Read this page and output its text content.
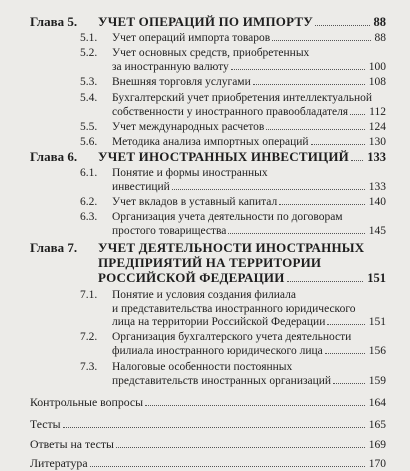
Глава 5. УЧЕТ ОПЕРАЦИЙ ПО ИМПОРТУ	88
5.1. Учет операций импорта товаров	88
5.2. Учет основных средств, приобретенных
за иностранную валюту	100
5.3. Внешняя торговля услугами	108
5.4. Бухгалтерский учет приобретения интеллектуальной
собственности у иностранного правообладателя 112
5.5. Учет международных расчетов	124
5.6. Методика анализа импортных операций	130
Глава 6. УЧЕТ ИНОСТРАННЫХ ИНВЕСТИЦИЙ 133
6.1. Понятие и формы иностранных
инвестиций	133
6.2. Учет вкладов в уставный капитал	140
6.3. Организация учета деятельности по договорам
простого товарищества	145
Глава 7. УЧЕТ ДЕЯТЕЛЬНОСТИ ИНОСТРАННЫХ
ПРЕДПРИЯТИЙ НА ТЕРРИТОРИИ
РОССИЙСКОЙ ФЕДЕРАЦИИ	151
7.1. Понятие и условия создания филиала
и представительства иностранного юридического
лица на территории Российской Федерации	151
7.2. Организация бухгалтерского учета деятельности
филиала иностранного юридического лица	156
7.3. Налоговые особенности постоянных
представительств иностранных организаций	159
Контрольные вопросы	164
Тесты	165
Ответы на тесты	169
Литература	170
